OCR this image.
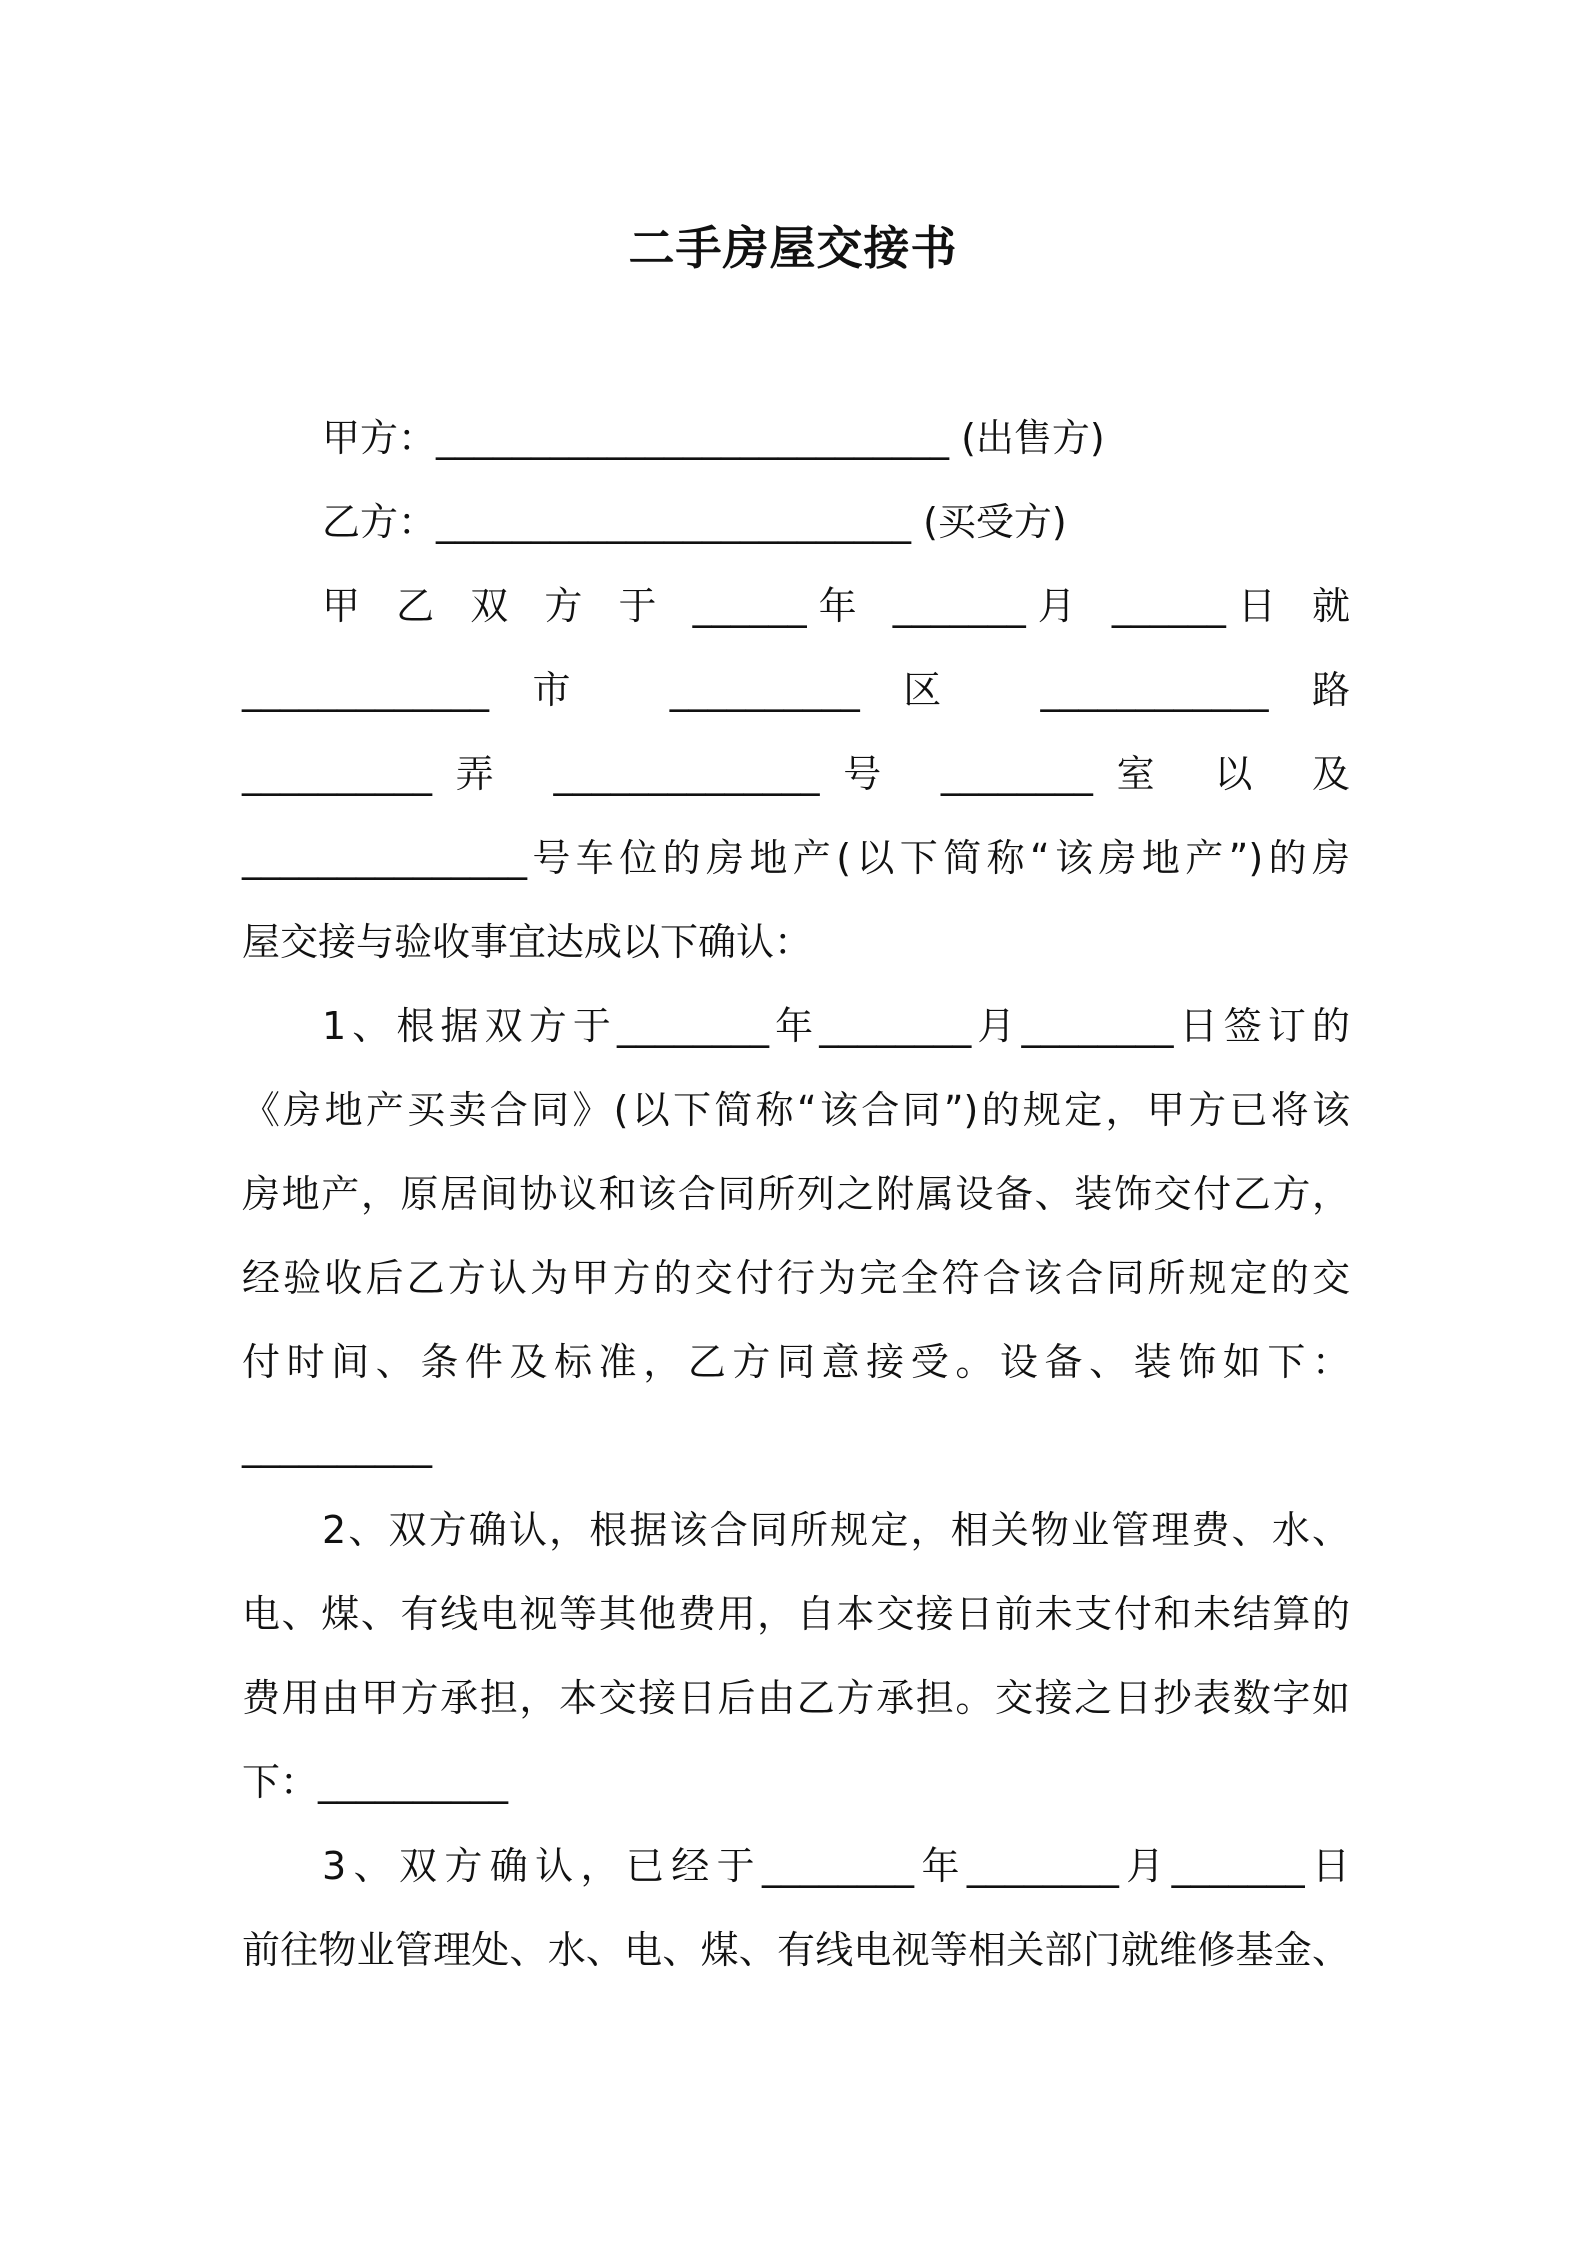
二手房屋交接书
甲方：___________________________ (出售方)
乙方：_________________________ (买受方)
甲 乙 双 方 于 ______年 _______月 ______日 就
_____________市 __________区 ____________路
__________弄 ______________号 ________室 以 及
_______________号车位的房地产(以下简称“该房地产”)的房
屋交接与验收事宜达成以下确认：
1、根据双方于________年________月________日签订的
《房地产买卖合同》(以下简称“该合同”)的规定，甲方已将该
房地产，原居间协议和该合同所列之附属设备、装饰交付乙方，
经验收后乙方认为甲方的交付行为完全符合该合同所规定的交
付时间、条件及标准，乙方同意接受。设备、装饰如下：
__________
2、双方确认，根据该合同所规定，相关物业管理费、水、
电、煤、有线电视等其他费用，自本交接日前未支付和未结算的
费用由甲方承担，本交接日后由乙方承担。交接之日抄表数字如
下：__________
3、双方确认，已经于________年________月_______日
前往物业管理处、水、电、煤、有线电视等相关部门就维修基金、
